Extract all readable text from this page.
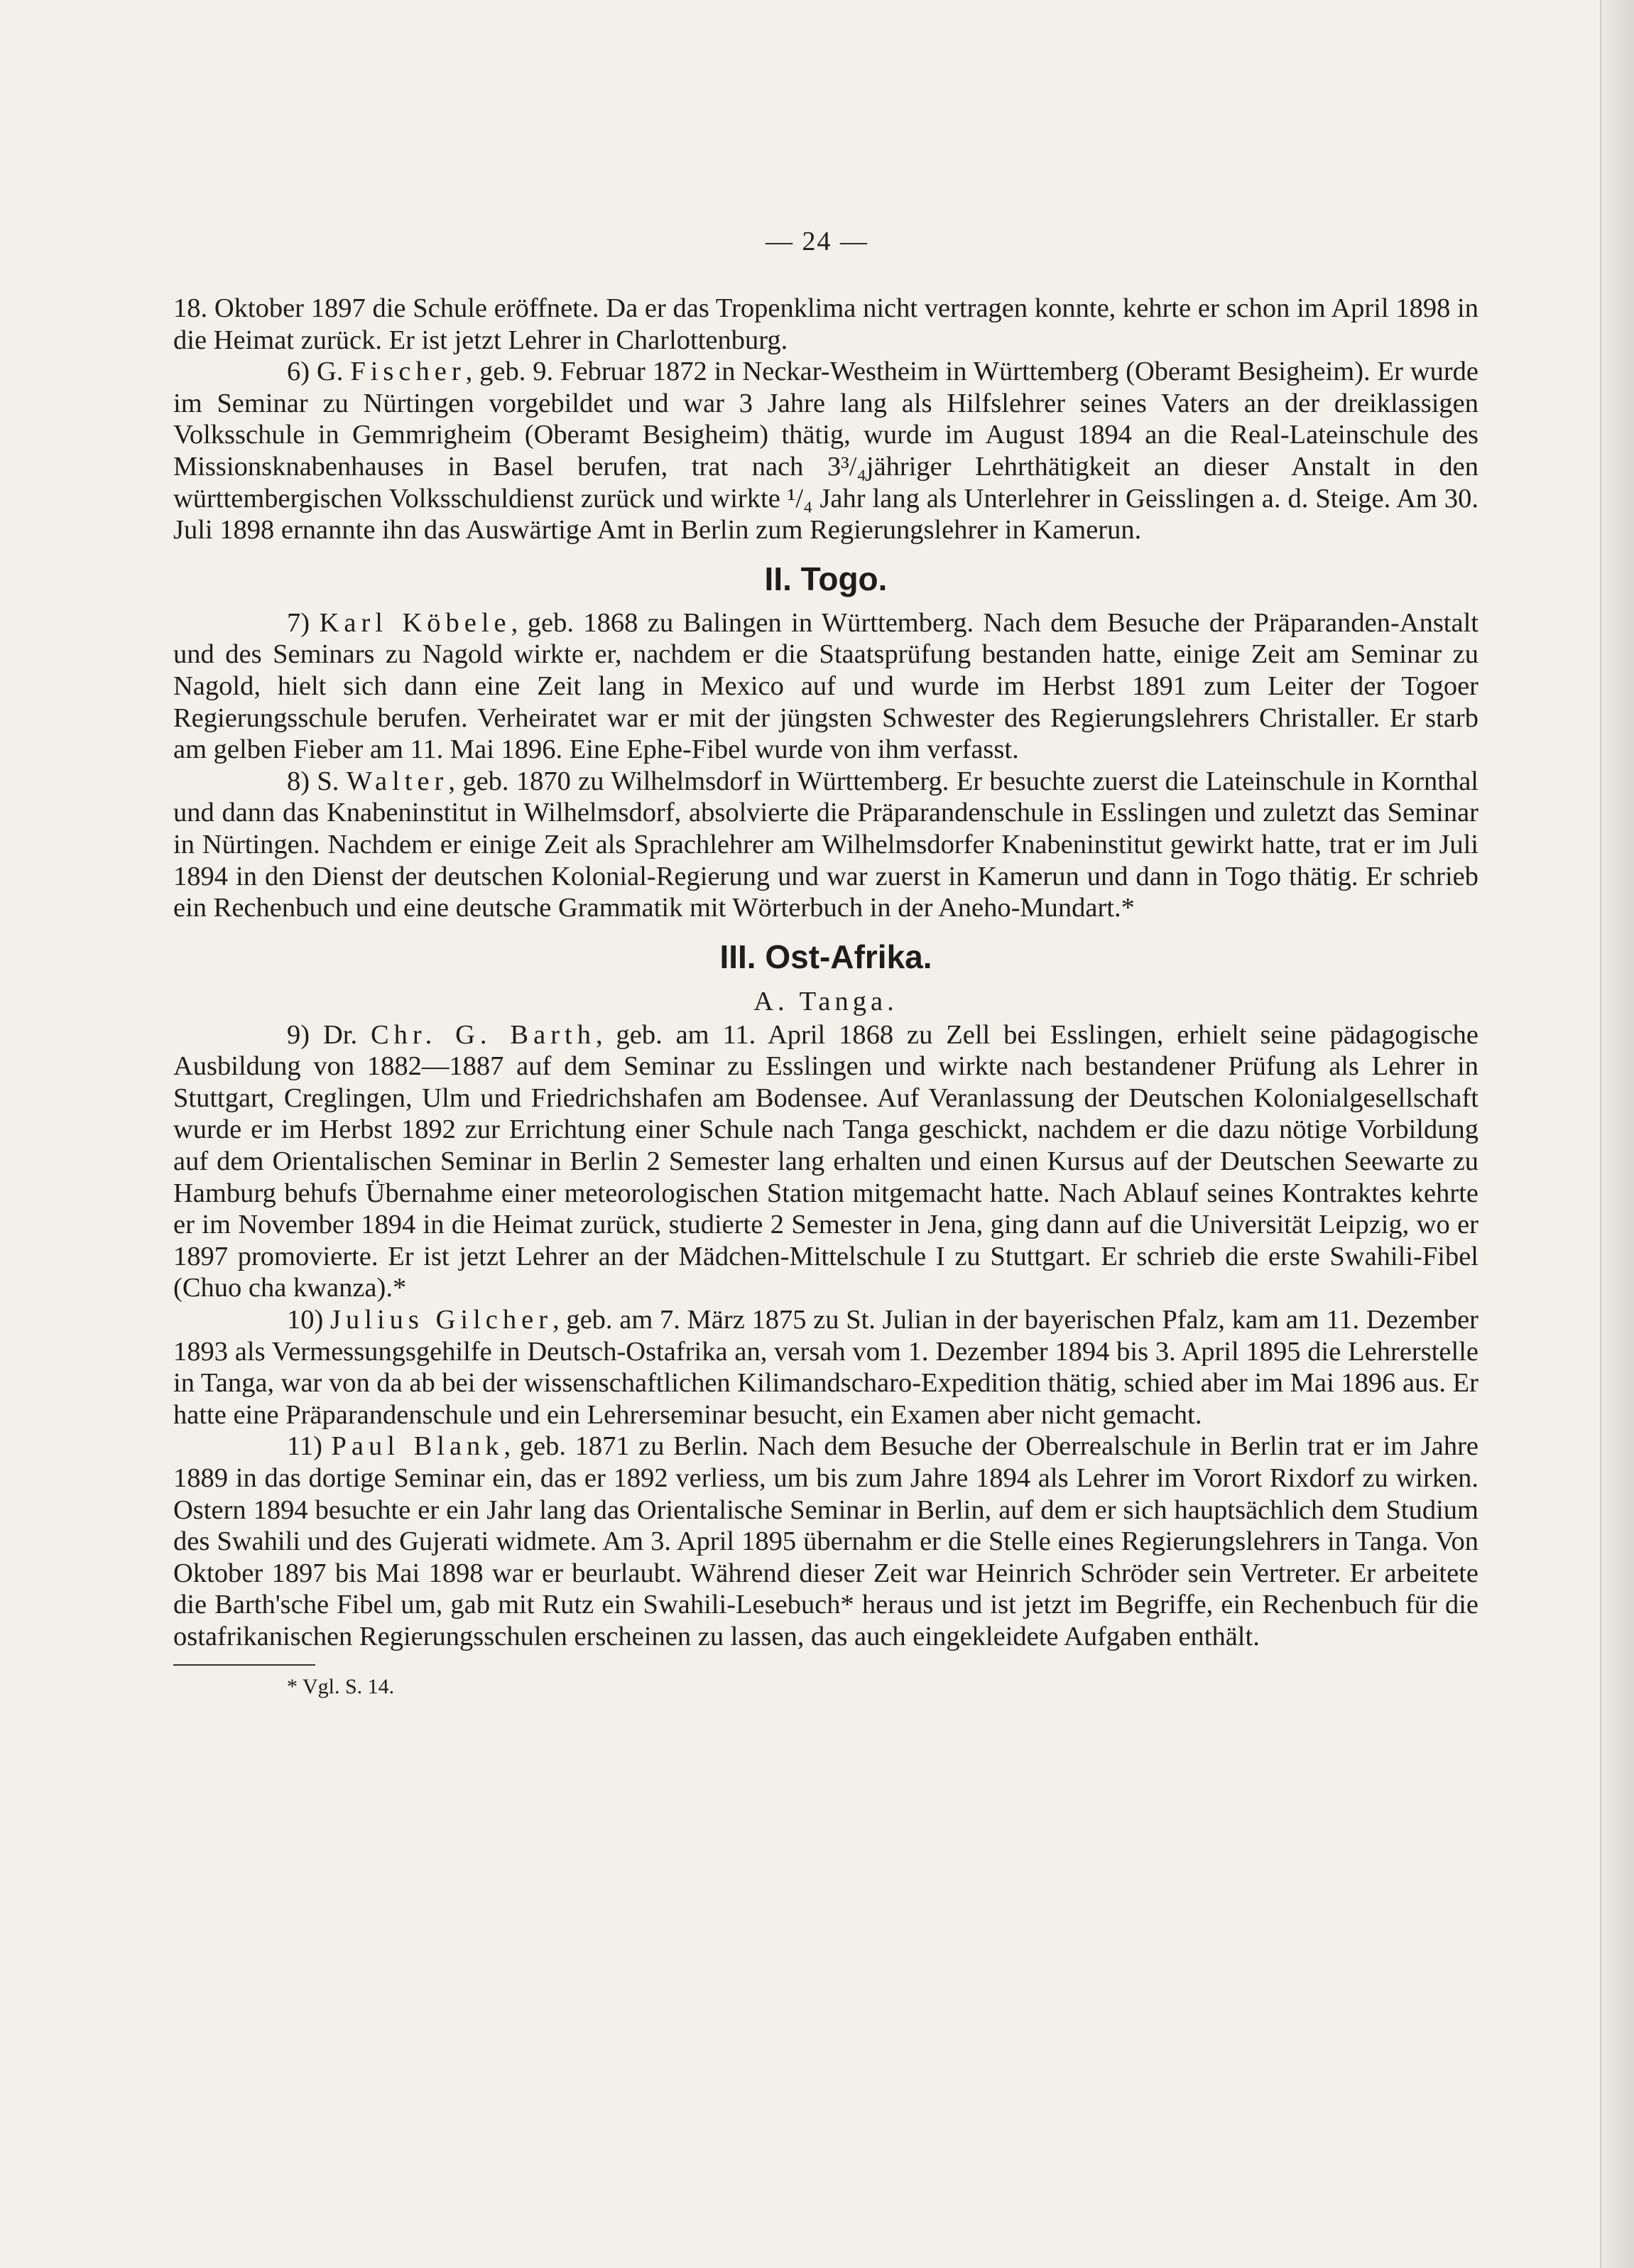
— 24 —

18. Oktober 1897 die Schule eröffnete. Da er das Tropenklima nicht vertragen konnte, kehrte er schon im April 1898 in die Heimat zurück. Er ist jetzt Lehrer in Charlottenburg.

6) G. Fischer, geb. 9. Februar 1872 in Neckar-Westheim in Württemberg (Oberamt Besigheim). Er wurde im Seminar zu Nürtingen vorgebildet und war 3 Jahre lang als Hilfslehrer seines Vaters an der dreiklassigen Volksschule in Gemmrigheim (Oberamt Besigheim) thätig, wurde im August 1894 an die Real-Lateinschule des Missionsknabenhauses in Basel berufen, trat nach 3³/₄jähriger Lehrthätigkeit an dieser Anstalt in den württembergischen Volksschuldienst zurück und wirkte ¹/₄ Jahr lang als Unterlehrer in Geisslingen a. d. Steige. Am 30. Juli 1898 ernannte ihn das Auswärtige Amt in Berlin zum Regierungslehrer in Kamerun.

II. Togo.

7) Karl Köbele, geb. 1868 zu Balingen in Württemberg. Nach dem Besuche der Präparanden-Anstalt und des Seminars zu Nagold wirkte er, nachdem er die Staatsprüfung bestanden hatte, einige Zeit am Seminar zu Nagold, hielt sich dann eine Zeit lang in Mexico auf und wurde im Herbst 1891 zum Leiter der Togoer Regierungsschule berufen. Verheiratet war er mit der jüngsten Schwester des Regierungslehrers Christaller. Er starb am gelben Fieber am 11. Mai 1896. Eine Ephe-Fibel wurde von ihm verfasst.

8) S. Walter, geb. 1870 zu Wilhelmsdorf in Württemberg. Er besuchte zuerst die Lateinschule in Kornthal und dann das Knabeninstitut in Wilhelmsdorf, absolvierte die Präparandenschule in Esslingen und zuletzt das Seminar in Nürtingen. Nachdem er einige Zeit als Sprachlehrer am Wilhelmsdorfer Knabeninstitut gewirkt hatte, trat er im Juli 1894 in den Dienst der deutschen Kolonial-Regierung und war zuerst in Kamerun und dann in Togo thätig. Er schrieb ein Rechenbuch und eine deutsche Grammatik mit Wörterbuch in der Aneho-Mundart.*

III. Ost-Afrika.
A. Tanga.

9) Dr. Chr. G. Barth, geb. am 11. April 1868 zu Zell bei Esslingen, erhielt seine pädagogische Ausbildung von 1882—1887 auf dem Seminar zu Esslingen und wirkte nach bestandener Prüfung als Lehrer in Stuttgart, Creglingen, Ulm und Friedrichshafen am Bodensee. Auf Veranlassung der Deutschen Kolonialgesellschaft wurde er im Herbst 1892 zur Errichtung einer Schule nach Tanga geschickt, nachdem er die dazu nötige Vorbildung auf dem Orientalischen Seminar in Berlin 2 Semester lang erhalten und einen Kursus auf der Deutschen Seewarte zu Hamburg behufs Übernahme einer meteorologischen Station mitgemacht hatte. Nach Ablauf seines Kontraktes kehrte er im November 1894 in die Heimat zurück, studierte 2 Semester in Jena, ging dann auf die Universität Leipzig, wo er 1897 promovierte. Er ist jetzt Lehrer an der Mädchen-Mittelschule I zu Stuttgart. Er schrieb die erste Swahili-Fibel (Chuo cha kwanza).*

10) Julius Gilcher, geb. am 7. März 1875 zu St. Julian in der bayerischen Pfalz, kam am 11. Dezember 1893 als Vermessungsgehilfe in Deutsch-Ostafrika an, versah vom 1. Dezember 1894 bis 3. April 1895 die Lehrerstelle in Tanga, war von da ab bei der wissenschaftlichen Kilimandscharo-Expedition thätig, schied aber im Mai 1896 aus. Er hatte eine Präparandenschule und ein Lehrerseminar besucht, ein Examen aber nicht gemacht.

11) Paul Blank, geb. 1871 zu Berlin. Nach dem Besuche der Oberrealschule in Berlin trat er im Jahre 1889 in das dortige Seminar ein, das er 1892 verliess, um bis zum Jahre 1894 als Lehrer im Vorort Rixdorf zu wirken. Ostern 1894 besuchte er ein Jahr lang das Orientalische Seminar in Berlin, auf dem er sich hauptsächlich dem Studium des Swahili und des Gujerati widmete. Am 3. April 1895 übernahm er die Stelle eines Regierungslehrers in Tanga. Von Oktober 1897 bis Mai 1898 war er beurlaubt. Während dieser Zeit war Heinrich Schröder sein Vertreter. Er arbeitete die Barth'sche Fibel um, gab mit Rutz ein Swahili-Lesebuch* heraus und ist jetzt im Begriffe, ein Rechenbuch für die ostafrikanischen Regierungsschulen erscheinen zu lassen, das auch eingekleidete Aufgaben enthält.

* Vgl. S. 14.
